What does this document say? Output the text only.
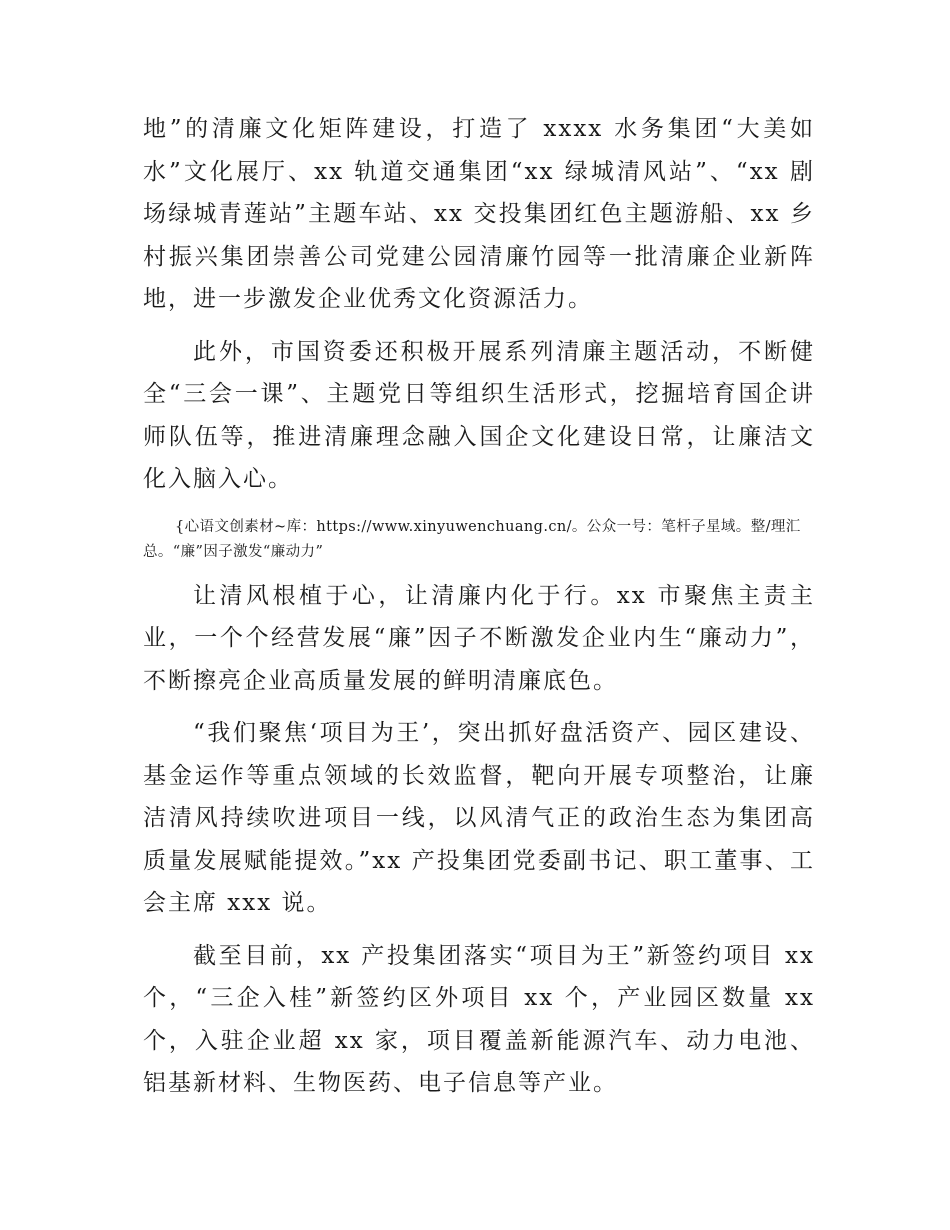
地”的清廉文化矩阵建设，打造了 xxxx 水务集团“大美如水”文化展厅、xx 轨道交通集团“xx 绿城清风站”、“xx 剧场绿城青莲站”主题车站、xx 交投集团红色主题游船、xx 乡村振兴集团崇善公司党建公园清廉竹园等一批清廉企业新阵地，进一步激发企业优秀文化资源活力。

此外，市国资委还积极开展系列清廉主题活动，不断健全“三会一课”、主题党日等组织生活形式，挖掘培育国企讲师队伍等，推进清廉理念融入国企文化建设日常，让廉洁文化入脑入心。

{心语文创素材~库：https://www.xinyuwenchuang.cn/。公众一号：笔杆子星域。整/理汇总。“廉”因子激发“廉动力”

让清风根植于心，让清廉内化于行。xx 市聚焦主责主业，一个个经营发展“廉”因子不断激发企业内生“廉动力”，不断擦亮企业高质量发展的鲜明清廉底色。

“我们聚焦‘项目为王’，突出抓好盘活资产、园区建设、基金运作等重点领域的长效监督，靶向开展专项整治，让廉洁清风持续吹进项目一线，以风清气正的政治生态为集团高质量发展赋能提效。”xx 产投集团党委副书记、职工董事、工会主席 xxx 说。

截至目前，xx 产投集团落实“项目为王”新签约项目 xx 个，“三企入桂”新签约区外项目 xx 个，产业园区数量 xx 个，入驻企业超 xx 家，项目覆盖新能源汽车、动力电池、铝基新材料、生物医药、电子信息等产业。
